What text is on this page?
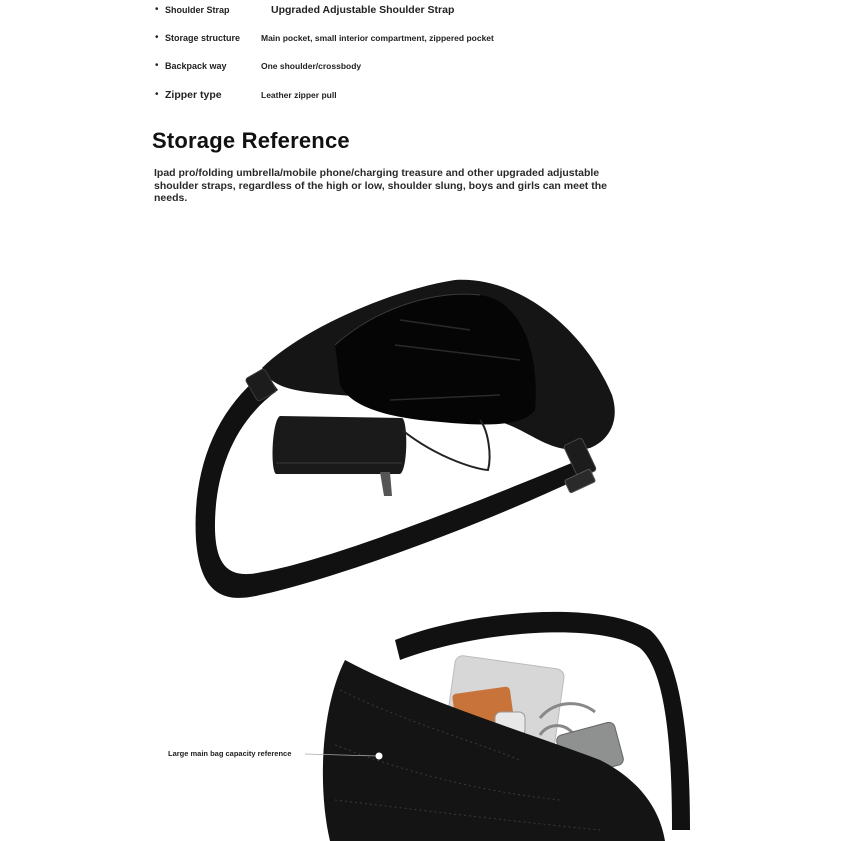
• Shoulder Strap	Upgraded Adjustable Shoulder Strap
• Storage structure	Main pocket, small interior compartment, zippered pocket
• Backpack way	One shoulder/crossbody
• Zipper type	Leather zipper pull
Storage Reference
Ipad pro/folding umbrella/mobile phone/charging treasure and other upgraded adjustable shoulder straps, regardless of the high or low, shoulder slung, boys and girls can meet the needs.
Large main bag capacity reference
